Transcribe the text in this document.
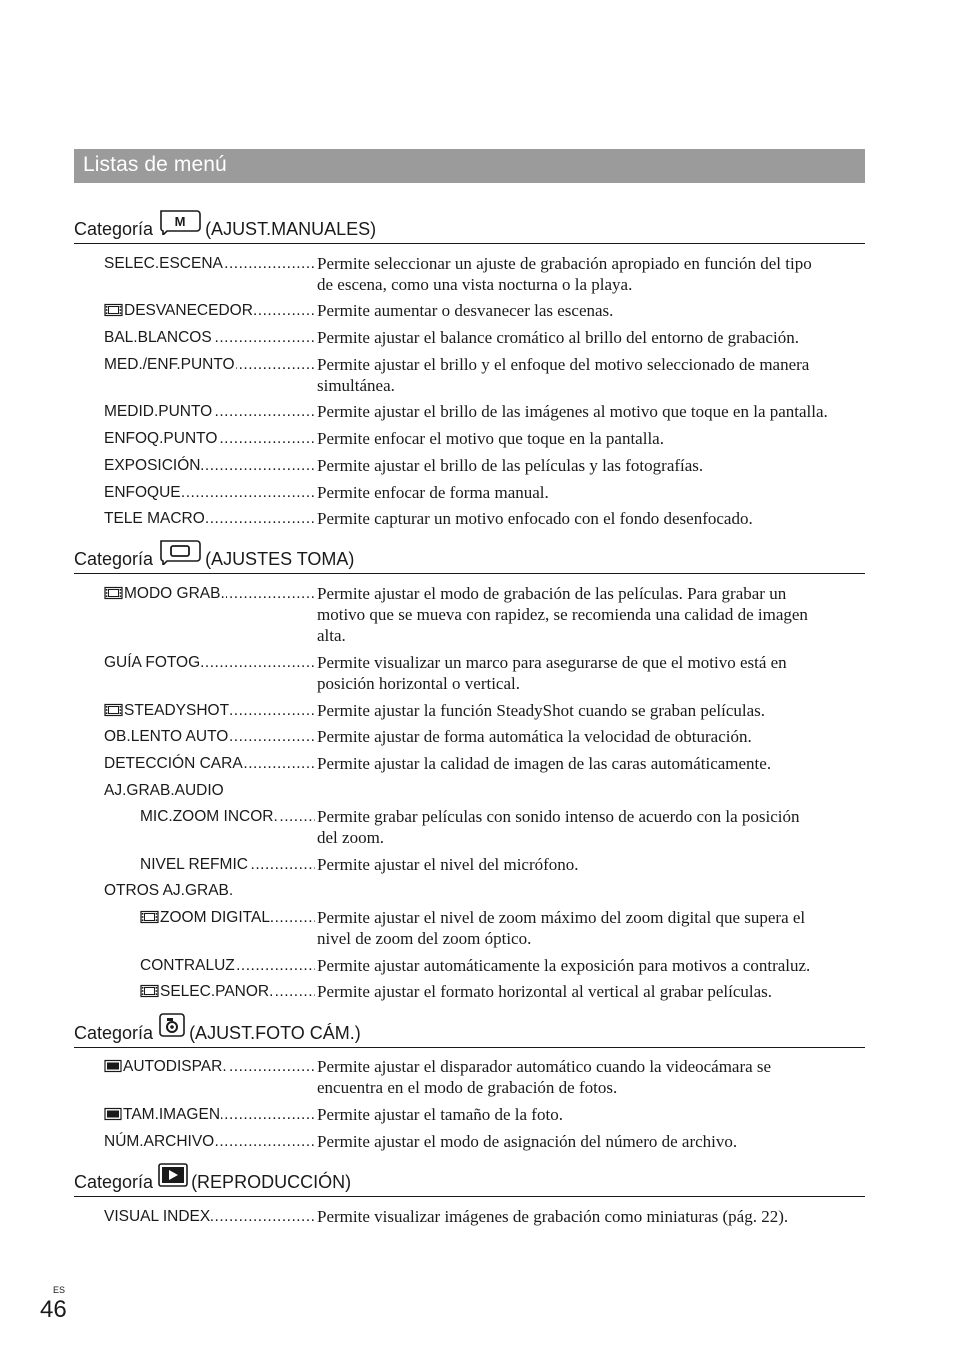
Listas de menú
Categoría M (AJUST.MANUALES)
SELEC.ESCENA .....	Permite seleccionar un ajuste de grabación apropiado en función del tipo
de escena, como una vista nocturna o la playa.
DESVANECEDOR .....	Permite aumentar o desvanecer las escenas.
BAL.BLANCOS .....	Permite ajustar el balance cromático al brillo del entorno de grabación.
MED./ENF.PUNTO .....	Permite ajustar el brillo y el enfoque del motivo seleccionado de manera
simultánea.
MEDID.PUNTO .....	Permite ajustar el brillo de las imágenes al motivo que toque en la pantalla.
ENFOQ.PUNTO .....	Permite enfocar el motivo que toque en la pantalla.
EXPOSICIÓN .....	Permite ajustar el brillo de las películas y las fotografías.
ENFOQUE .....	Permite enfocar de forma manual.
TELE MACRO .....	Permite capturar un motivo enfocado con el fondo desenfocado.
Categoría	(AJUSTES TOMA)
MODO GRAB. .....	Permite ajustar el modo de grabación de las películas. Para grabar un
motivo que se mueva con rapidez, se recomienda una calidad de imagen
alta.
GUÍA FOTOG. .....	Permite visualizar un marco para asegurarse de que el motivo está en
posición horizontal o vertical.
STEADYSHOT .....	Permite ajustar la función SteadyShot cuando se graban películas.
OB.LENTO AUTO .....	Permite ajustar de forma automática la velocidad de obturación.
DETECCIÓN CARA .....	Permite ajustar la calidad de imagen de las caras automáticamente.
AJ.GRAB.AUDIO
MIC.ZOOM INCOR. .....	Permite grabar películas con sonido intenso de acuerdo con la posición
del zoom.
NIVEL REFMIC .....	Permite ajustar el nivel del micrófono.
OTROS AJ.GRAB.
ZOOM DIGITAL .....	Permite ajustar el nivel de zoom máximo del zoom digital que supera el
nivel de zoom del zoom óptico.
CONTRALUZ .....	Permite ajustar automáticamente la exposición para motivos a contraluz.
SELEC.PANOR. .....	Permite ajustar el formato horizontal al vertical al grabar películas.
Categoría (AJUST.FOTO CÁM.)
AUTODISPAR. .....	Permite ajustar el disparador automático cuando la videocámara se
encuentra en el modo de grabación de fotos.
TAM.IMAGEN .....	Permite ajustar el tamaño de la foto.
NÚM.ARCHIVO .....	Permite ajustar el modo de asignación del número de archivo.
Categoría (REPRODUCCIÓN)
VISUAL INDEX .....	Permite visualizar imágenes de grabación como miniaturas (pág. 22).
ES
46
